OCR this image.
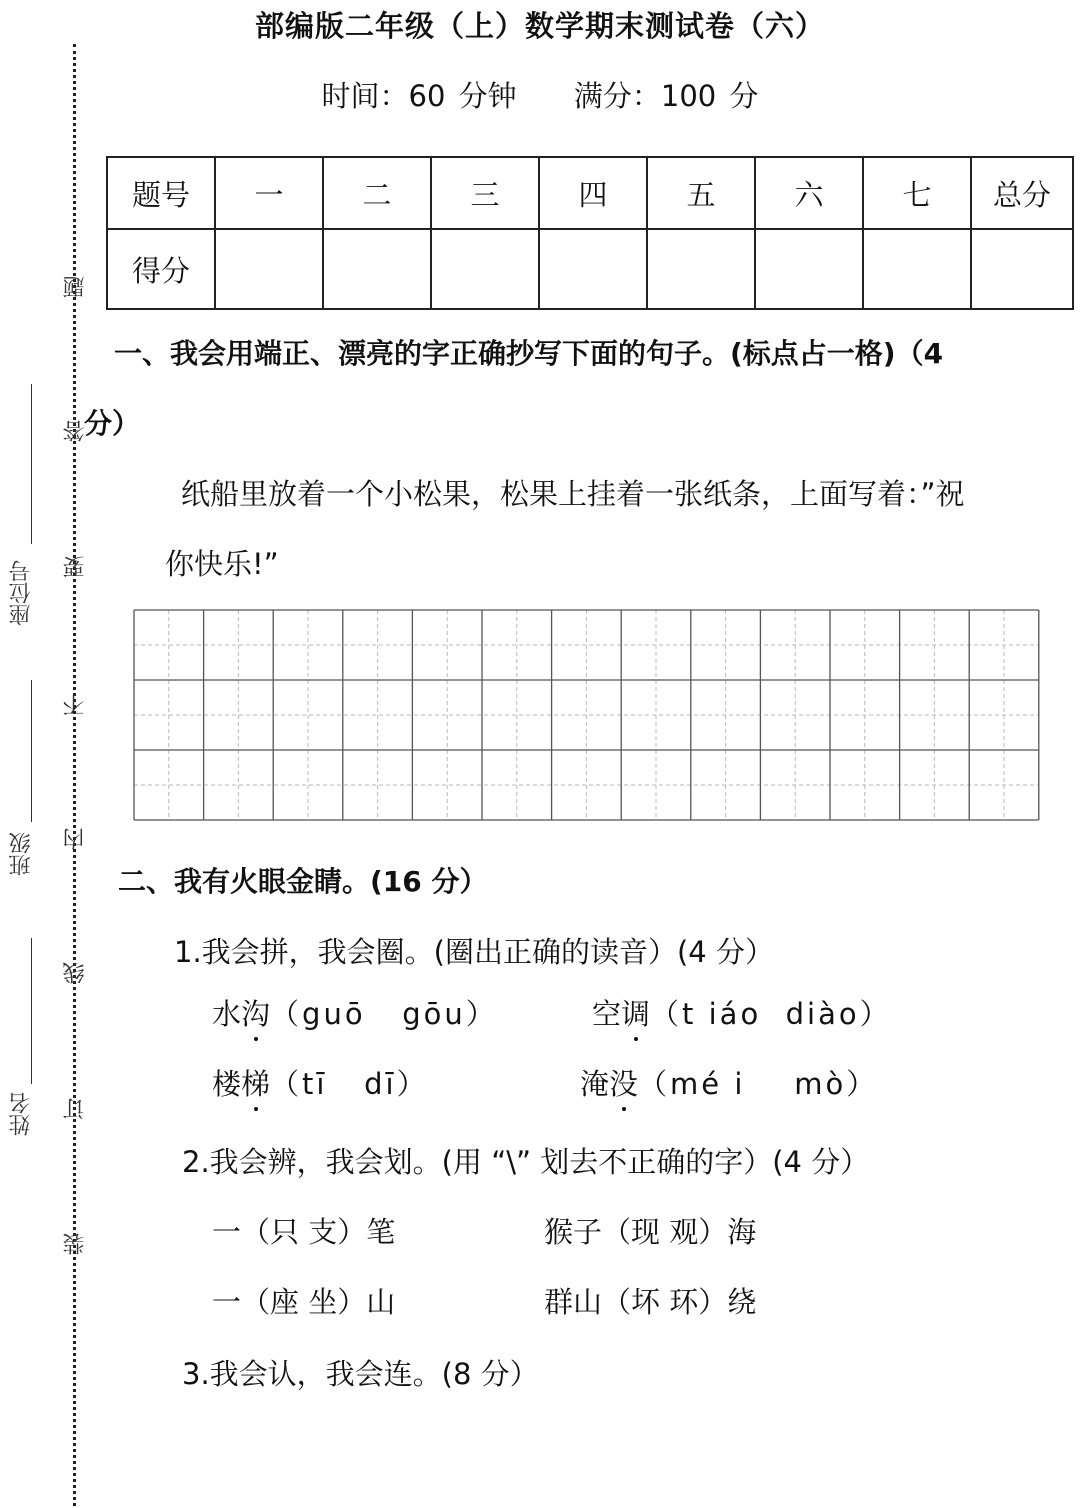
题
答
要
不
内
线
订
装
座位号
班级
姓名
部编版二年级（上）数学期末测试卷（六）
时间：60 分钟 满分：100 分
题号	一	二	三	四	五	六	七	总分
得分								
一、我会用端正、漂亮的字正确抄写下面的句子。(标点占一格)（4
分）
纸船里放着一个小松果，松果上挂着一张纸条，上面写着：”祝
你快乐!”
二、我有火眼金睛。(16 分）
1.我会拼，我会圈。(圈出正确的读音）(4 分）
水沟（guō   gōu）	空调（t iáo  diào）
楼梯（tī   dī）	淹没（mé i    mò）
2.我会辨，我会划。(用 “\” 划去不正确的字）(4 分）
一（只 支）笔	猴子（现 观）海
一（座 坐）山	群山（坏 环）绕
3.我会认，我会连。(8 分）
